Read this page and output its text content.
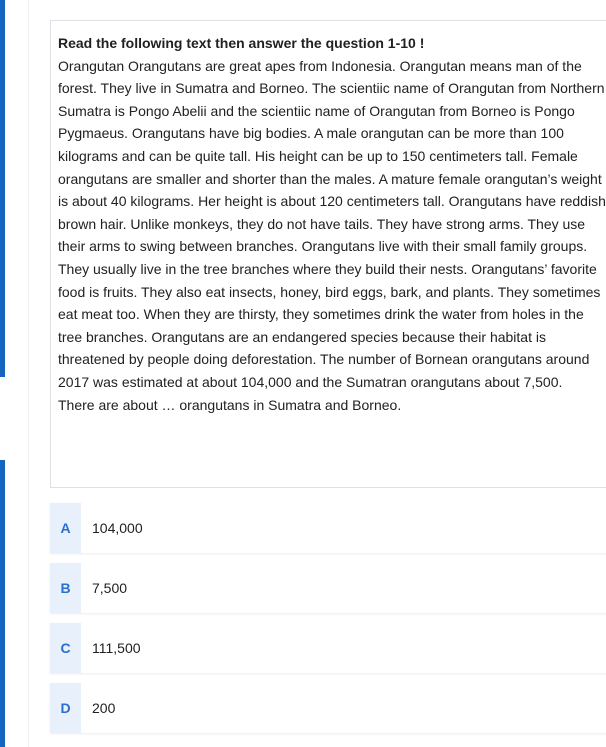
Read the following text then answer the question 1-10 !
Orangutan Orangutans are great apes from Indonesia. Orangutan means man of the forest. They live in Sumatra and Borneo. The scientiic name of Orangutan from Northern Sumatra is Pongo Abelii and the scientiic name of Orangutan from Borneo is Pongo Pygmaeus. Orangutans have big bodies. A male orangutan can be more than 100 kilograms and can be quite tall. His height can be up to 150 centimeters tall. Female orangutans are smaller and shorter than the males. A mature female orangutan’s weight is about 40 kilograms. Her height is about 120 centimeters tall. Orangutans have reddish brown hair. Unlike monkeys, they do not have tails. They have strong arms. They use their arms to swing between branches. Orangutans live with their small family groups. They usually live in the tree branches where they build their nests. Orangutans’ favorite food is fruits. They also eat insects, honey, bird eggs, bark, and plants. They sometimes eat meat too. When they are thirsty, they sometimes drink the water from holes in the tree branches. Orangutans are an endangered species because their habitat is threatened by people doing deforestation. The number of Bornean orangutans around 2017 was estimated at about 104,000 and the Sumatran orangutans about 7,500.
There are about … orangutans in Sumatra and Borneo.
A	104,000
B	7,500
C	111,500
D	200
